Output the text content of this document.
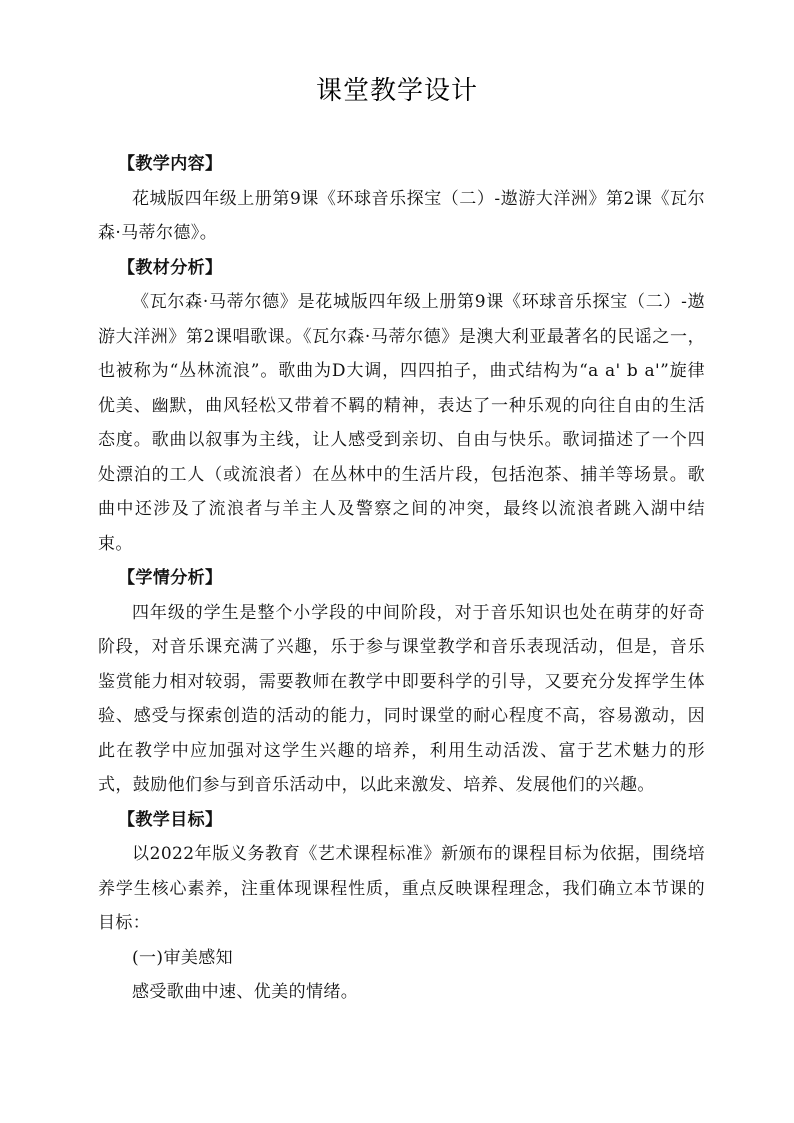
课堂教学设计

【教学内容】

花城版四年级上册第9课《环球音乐探宝（二）-遨游大洋洲》第2课《瓦尔森·马蒂尔德》。

【教材分析】

《瓦尔森·马蒂尔德》是花城版四年级上册第9课《环球音乐探宝（二）-遨游大洋洲》第2课唱歌课。《瓦尔森·马蒂尔德》是澳大利亚最著名的民谣之一，也被称为“丛林流浪”。歌曲为D大调，四四拍子，曲式结构为“a a' b a'”旋律优美、幽默，曲风轻松又带着不羁的精神，表达了一种乐观的向往自由的生活态度。歌曲以叙事为主线，让人感受到亲切、自由与快乐。歌词描述了一个四处漂泊的工人（或流浪者）在丛林中的生活片段，包括泡茶、捕羊等场景。歌曲中还涉及了流浪者与羊主人及警察之间的冲突，最终以流浪者跳入湖中结束。

【学情分析】

四年级的学生是整个小学段的中间阶段，对于音乐知识也处在萌芽的好奇阶段，对音乐课充满了兴趣，乐于参与课堂教学和音乐表现活动，但是，音乐鉴赏能力相对较弱，需要教师在教学中即要科学的引导，又要充分发挥学生体验、感受与探索创造的活动的能力，同时课堂的耐心程度不高，容易激动，因此在教学中应加强对这学生兴趣的培养，利用生动活泼、富于艺术魅力的形式，鼓励他们参与到音乐活动中，以此来激发、培养、发展他们的兴趣。

【教学目标】

以2022年版义务教育《艺术课程标准》新颁布的课程目标为依据，围绕培养学生核心素养，注重体现课程性质，重点反映课程理念，我们确立本节课的目标：

(一)审美感知

感受歌曲中速、优美的情绪。
